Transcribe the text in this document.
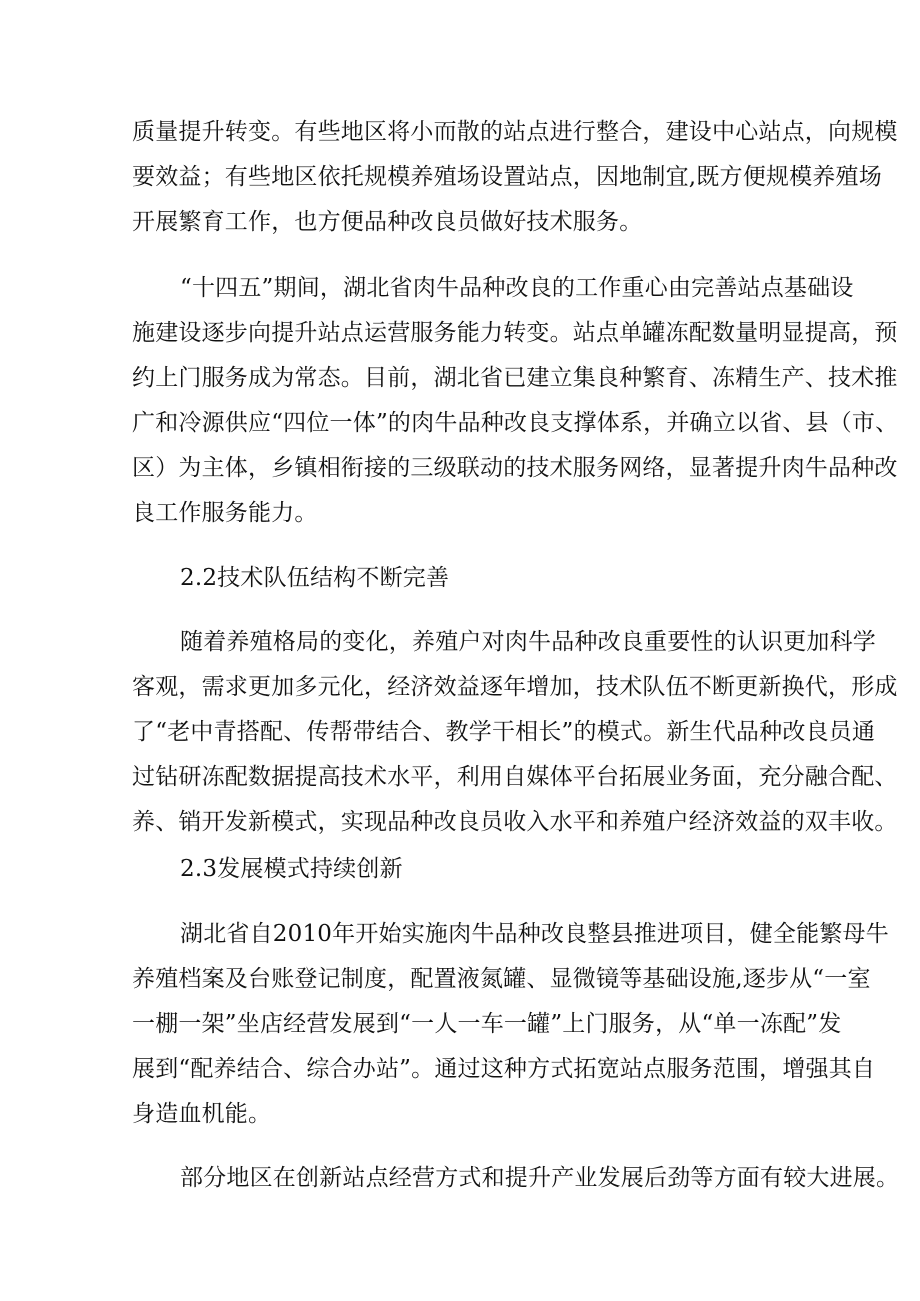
质量提升转变。有些地区将小而散的站点进行整合，建设中心站点，向规模
要效益；有些地区依托规模养殖场设置站点，因地制宜,既方便规模养殖场
开展繁育工作，也方便品种改良员做好技术服务。
“十四五”期间，湖北省肉牛品种改良的工作重心由完善站点基础设
施建设逐步向提升站点运营服务能力转变。站点单罐冻配数量明显提高，预
约上门服务成为常态。目前，湖北省已建立集良种繁育、冻精生产、技术推
广和冷源供应“四位一体”的肉牛品种改良支撑体系，并确立以省、县（市、
区）为主体，乡镇相衔接的三级联动的技术服务网络，显著提升肉牛品种改
良工作服务能力。
2.2技术队伍结构不断完善
随着养殖格局的变化，养殖户对肉牛品种改良重要性的认识更加科学
客观，需求更加多元化，经济效益逐年增加，技术队伍不断更新换代，形成
了“老中青搭配、传帮带结合、教学干相长”的模式。新生代品种改良员通
过钻研冻配数据提高技术水平，利用自媒体平台拓展业务面，充分融合配、
养、销开发新模式，实现品种改良员收入水平和养殖户经济效益的双丰收。
2.3发展模式持续创新
湖北省自2010年开始实施肉牛品种改良整县推进项目，健全能繁母牛
养殖档案及台账登记制度，配置液氮罐、显微镜等基础设施,逐步从“一室
一棚一架”坐店经营发展到“一人一车一罐”上门服务，从“单一冻配”发
展到“配养结合、综合办站”。通过这种方式拓宽站点服务范围，增强其自
身造血机能。
部分地区在创新站点经营方式和提升产业发展后劲等方面有较大进展。
